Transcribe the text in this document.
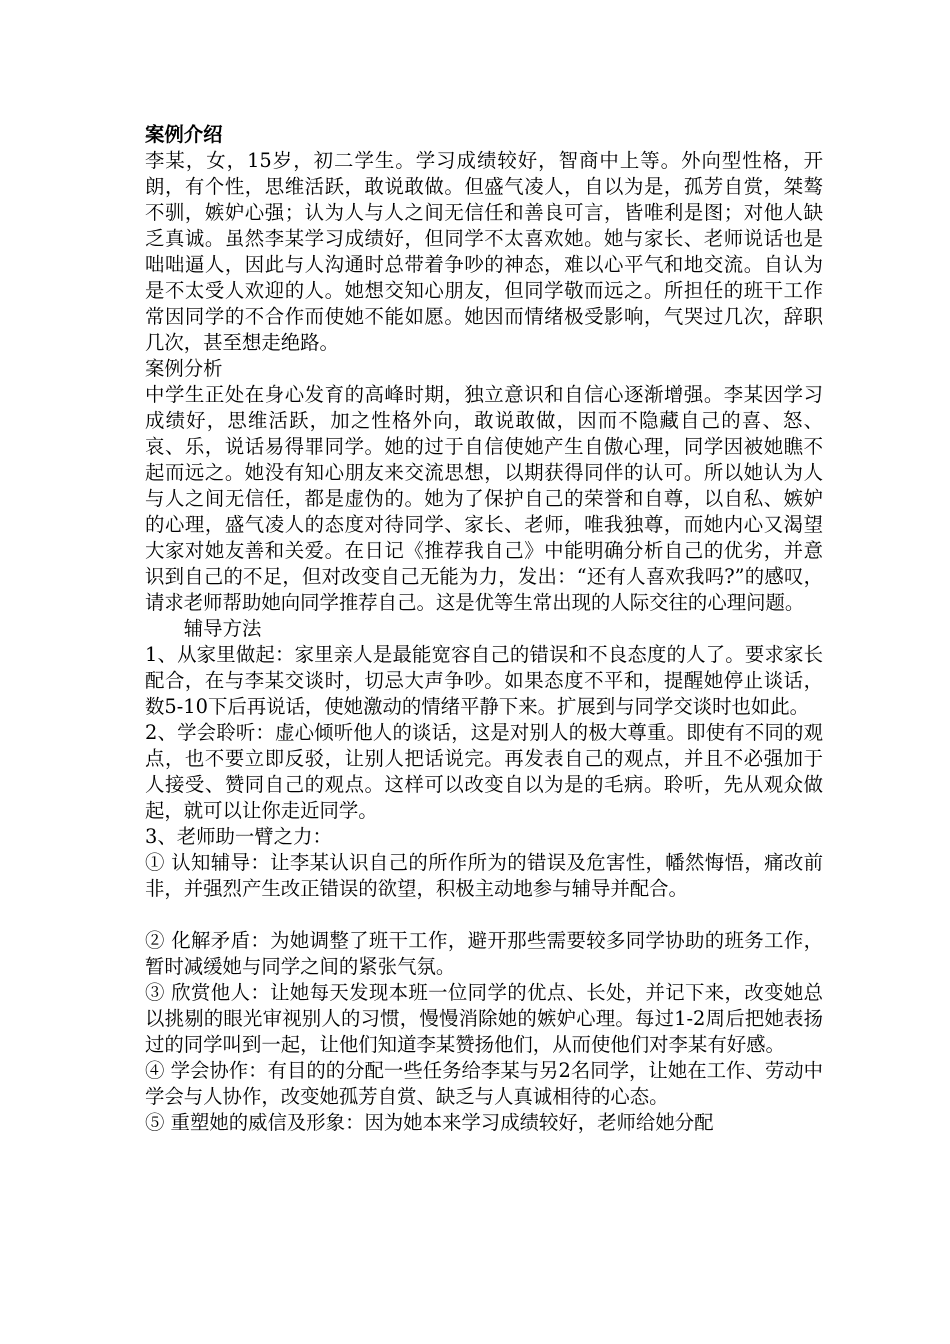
案例介绍

李某，女，15岁，初二学生。学习成绩较好，智商中上等。外向型性格，开朗，有个性，思维活跃，敢说敢做。但盛气凌人，自以为是，孤芳自赏，桀骜不驯，嫉妒心强；认为人与人之间无信任和善良可言，皆唯利是图；对他人缺乏真诚。虽然李某学习成绩好，但同学不太喜欢她。她与家长、老师说话也是咄咄逼人，因此与人沟通时总带着争吵的神态，难以心平气和地交流。自认为是不太受人欢迎的人。她想交知心朋友，但同学敬而远之。所担任的班干工作常因同学的不合作而使她不能如愿。她因而情绪极受影响，气哭过几次，辞职几次，甚至想走绝路。

案例分析

中学生正处在身心发育的高峰时期，独立意识和自信心逐渐增强。李某因学习成绩好，思维活跃，加之性格外向，敢说敢做，因而不隐藏自己的喜、怒、哀、乐，说话易得罪同学。她的过于自信使她产生自傲心理，同学因被她瞧不起而远之。她没有知心朋友来交流思想，以期获得同伴的认可。所以她认为人与人之间无信任，都是虚伪的。她为了保护自己的荣誉和自尊，以自私、嫉妒的心理，盛气凌人的态度对待同学、家长、老师，唯我独尊，而她内心又渴望大家对她友善和关爱。在日记《推荐我自己》中能明确分析自己的优劣，并意识到自己的不足，但对改变自己无能为力，发出：“还有人喜欢我吗?”的感叹，请求老师帮助她向同学推荐自己。这是优等生常出现的人际交往的心理问题。

辅导方法

1、从家里做起：家里亲人是最能宽容自己的错误和不良态度的人了。要求家长配合，在与李某交谈时，切忌大声争吵。如果态度不平和，提醒她停止谈话，数5-10下后再说话，使她激动的情绪平静下来。扩展到与同学交谈时也如此。

2、学会聆听：虚心倾听他人的谈话，这是对别人的极大尊重。即使有不同的观点，也不要立即反驳，让别人把话说完。再发表自己的观点，并且不必强加于人接受、赞同自己的观点。这样可以改变自以为是的毛病。聆听，先从观众做起，就可以让你走近同学。

3、老师助一臂之力：

① 认知辅导：让李某认识自己的所作所为的错误及危害性，幡然悔悟，痛改前非，并强烈产生改正错误的欲望，积极主动地参与辅导并配合。

② 化解矛盾：为她调整了班干工作，避开那些需要较多同学协助的班务工作，暂时减缓她与同学之间的紧张气氛。

③ 欣赏他人：让她每天发现本班一位同学的优点、长处，并记下来，改变她总以挑剔的眼光审视别人的习惯，慢慢消除她的嫉妒心理。每过1-2周后把她表扬过的同学叫到一起，让他们知道李某赞扬他们，从而使他们对李某有好感。

④ 学会协作：有目的的分配一些任务给李某与另2名同学，让她在工作、劳动中学会与人协作，改变她孤芳自赏、缺乏与人真诚相待的心态。

⑤ 重塑她的威信及形象：因为她本来学习成绩较好，老师给她分配
